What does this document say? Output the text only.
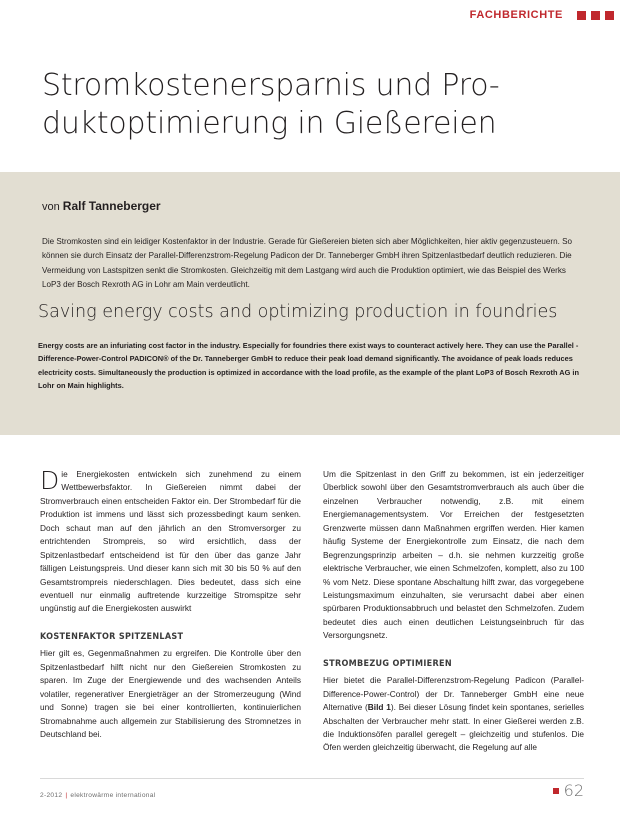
FACHBERICHTE
Stromkostenersparnis und Pro-
duktoptimierung in Gießereien
von Ralf Tanneberger

Die Stromkosten sind ein leidiger Kostenfaktor in der Industrie. Gerade für Gießereien bieten sich aber Möglichkeiten, hier aktiv gegenzusteuern. So können sie durch Einsatz der Parallel-Differenzstrom-Regelung Padicon der Dr. Tanneberger GmbH ihren Spitzenlastbedarf deutlich reduzieren. Die Vermeidung von Lastspitzen senkt die Stromkosten. Gleichzeitig mit dem Lastgang wird auch die Produktion optimiert, wie das Beispiel des Werks LoP3 der Bosch Rexroth AG in Lohr am Main verdeutlicht.

Saving energy costs and optimizing production in foundries

Energy costs are an infuriating cost factor in the industry. Especially for foundries there exist ways to counteract actively here. They can use the Parallel -Difference-Power-Control PADICON® of the Dr. Tanneberger GmbH to reduce their peak load demand significantly. The avoidance of peak loads reduces electricity costs. Simultaneously the production is optimized in accordance with the load profile, as the example of the plant LoP3 of Bosch Rexroth AG in Lohr on Main highlights.

Die Energiekosten entwickeln sich zunehmend zu einem Wettbewerbsfaktor. In Gießereien nimmt dabei der Stromverbrauch einen entscheiden Faktor ein. Der Strombedarf für die Produktion ist immens und lässt sich prozessbedingt kaum senken. Doch schaut man auf den jährlich an den Stromversorger zu entrichtenden Strompreis, so wird ersichtlich, dass der Spitzenlastbedarf entscheidend ist für den über das ganze Jahr fälligen Leistungspreis. Und dieser kann sich mit 30 bis 50 % auf den Gesamtstrompreis niederschlagen. Dies bedeutet, dass sich eine eventuell nur einmalig auftretende kurzzeitige Stromspitze sehr ungünstig auf die Energiekosten auswirkt

KOSTENFAKTOR SPITZENLAST

Hier gilt es, Gegenmaßnahmen zu ergreifen. Die Kontrolle über den Spitzenlastbedarf hilft nicht nur den Gießereien Stromkosten zu sparen. Im Zuge der Energiewende und des wachsenden Anteils volatiler, regenerativer Energieträger an der Stromerzeugung (Wind und Sonne) tragen sie bei einer kontrollierten, kontinuierlichen Stromabnahme auch allgemein zur Stabilisierung des Stromnetzes in Deutschland bei.

Um die Spitzenlast in den Griff zu bekommen, ist ein jederzeitiger Überblick sowohl über den Gesamtstromverbrauch als auch über die einzelnen Verbraucher notwendig, z.B. mit einem Energiemanagementsystem. Vor Erreichen der festgesetzten Grenzwerte müssen dann Maßnahmen ergriffen werden. Hier kamen häufig Systeme der Energiekontrolle zum Einsatz, die nach dem Begrenzungsprinzip arbeiten – d.h. sie nehmen kurzzeitig große elektrische Verbraucher, wie einen Schmelzofen, komplett, also zu 100 % vom Netz. Diese spontane Abschaltung hilft zwar, das vorgegebene Leistungsmaximum einzuhalten, sie verursacht dabei aber einen spürbaren Produktionsabbruch und belastet den Schmelzofen. Zudem bedeutet dies auch einen deutlichen Leistungseinbruch für das Versorgungsnetz.

STROMBEZUG OPTIMIEREN

Hier bietet die Parallel-Differenzstrom-Regelung Padicon (Parallel-Difference-Power-Control) der Dr. Tanneberger GmbH eine neue Alternative (Bild 1). Bei dieser Lösung findet kein spontanes, serielles Abschalten der Verbraucher mehr statt. In einer Gießerei werden z.B. die Induktionsöfen parallel geregelt – gleichzeitig und stufenlos. Die Öfen werden gleichzeitig überwacht, die Regelung auf alle

2-2012 | elektrowärme international	62
